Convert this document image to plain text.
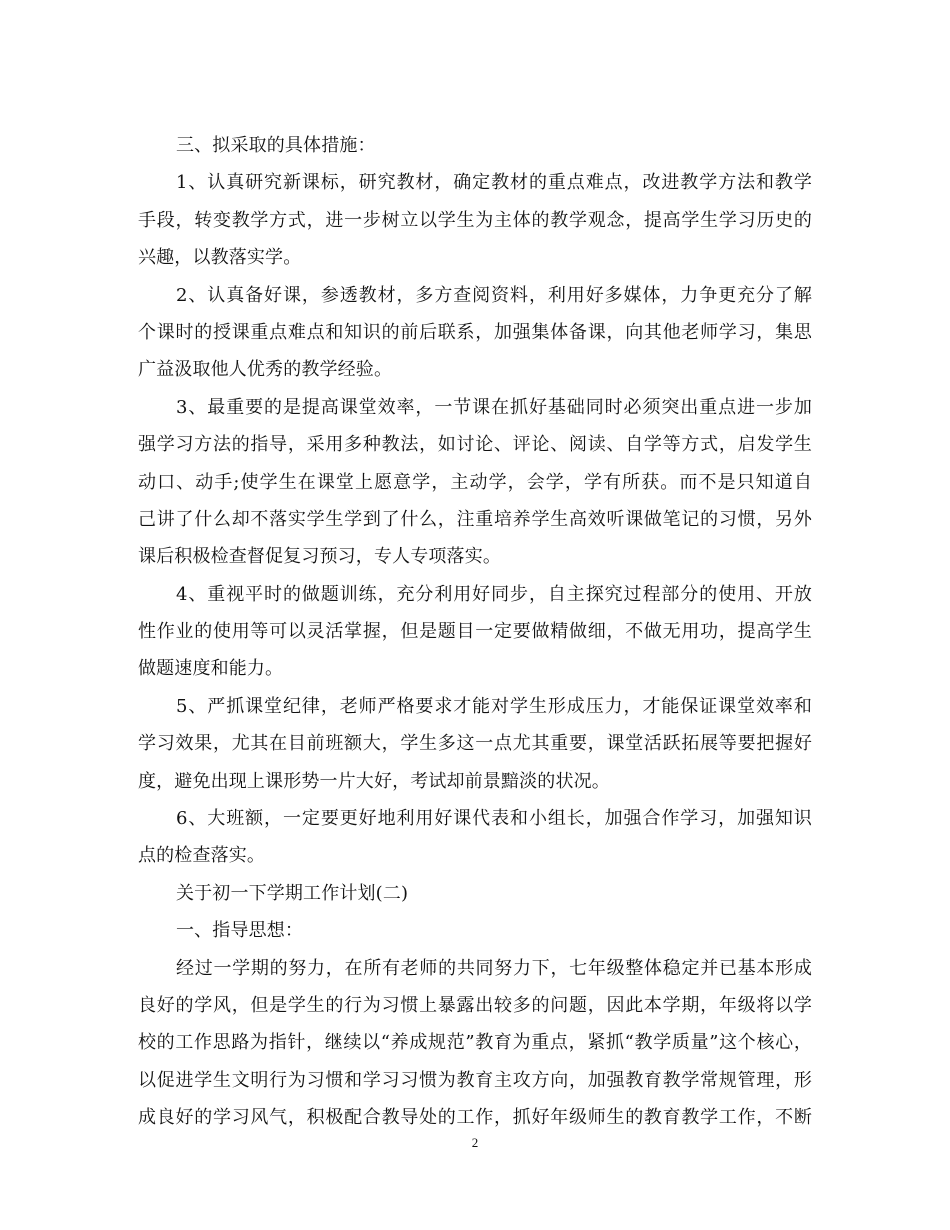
三、拟采取的具体措施：
1、认真研究新课标，研究教材，确定教材的重点难点，改进教学方法和教学
手段，转变教学方式，进一步树立以学生为主体的教学观念，提高学生学习历史的
兴趣，以教落实学。
2、认真备好课，参透教材，多方查阅资料，利用好多媒体，力争更充分了解
个课时的授课重点难点和知识的前后联系，加强集体备课，向其他老师学习，集思
广益汲取他人优秀的教学经验。
3、最重要的是提高课堂效率，一节课在抓好基础同时必须突出重点进一步加
强学习方法的指导，采用多种教法，如讨论、评论、阅读、自学等方式，启发学生
动口、动手;使学生在课堂上愿意学，主动学，会学，学有所获。而不是只知道自
己讲了什么却不落实学生学到了什么，注重培养学生高效听课做笔记的习惯，另外
课后积极检查督促复习预习，专人专项落实。
4、重视平时的做题训练，充分利用好同步，自主探究过程部分的使用、开放
性作业的使用等可以灵活掌握，但是题目一定要做精做细，不做无用功，提高学生
做题速度和能力。
5、严抓课堂纪律，老师严格要求才能对学生形成压力，才能保证课堂效率和
学习效果，尤其在目前班额大，学生多这一点尤其重要，课堂活跃拓展等要把握好
度，避免出现上课形势一片大好，考试却前景黯淡的状况。
6、大班额，一定要更好地利用好课代表和小组长，加强合作学习，加强知识
点的检查落实。
关于初一下学期工作计划(二)
一、指导思想：
经过一学期的努力，在所有老师的共同努力下，七年级整体稳定并已基本形成
良好的学风，但是学生的行为习惯上暴露出较多的问题，因此本学期，年级将以学
校的工作思路为指针，继续以“养成规范”教育为重点，紧抓“教学质量”这个核心，
以促进学生文明行为习惯和学习习惯为教育主攻方向，加强教育教学常规管理，形
成良好的学习风气，积极配合教导处的工作，抓好年级师生的教育教学工作，不断
2
